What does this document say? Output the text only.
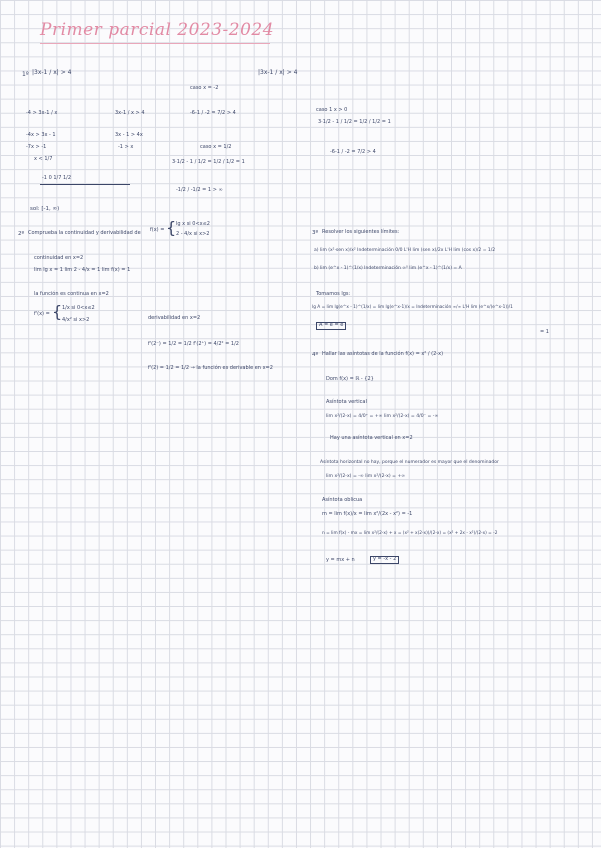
Primer parcial 2023-2024
1º |3x-1 / x| > 4
caso x = -2
|3x-1 / x| > 4
caso 1 x > 0
-4 > 3x-1 / x	3x-1 / x > 4
-4x > 3x - 1	3x - 1 > 4x
-7x > -1	-1 > x
x < 1/7
-1 0 1/7 1/2
sol: [-1, ∞)
-6-1 / -2 = 7/2 > 4
caso x = 1/2
3·1/2 - 1 / 1/2 = 1/2 / 1/2 = 1
-1/2 / -1/2 = 1 > ∞
3·1/2 - 1 / 1/2 = 1/2 / 1/2 = 1
-6-1 / -2 = 7/2 > 4
2º Comprueba la continuidad y derivabilidad de f(x) = { lg x si 0<x≤2
2 - 4/x si x>2
continuidad en x=2
lim lg x = 1 lim 2 - 4/x = 1 lim f(x) = 1
la función es continua en x=2
f'(x) = { 1/x si 0<x≤2
4/x² si x>2	derivabilidad en x=2
f'(2⁻) = 1/2 = 1/2 f'(2⁺) = 4/2² = 1/2
f'(2) = 1/2 = 1/2 → la función es derivable en x=2
3º Resolver los siguientes límites:
a) lim (x²·sen x)/x² Indeterminación 0/0 L'H lim (sen x)/2x L'H lim (cos x)/2 = 1/2
b) lim (e^x - 1)^(1/x) Indeterminación ∞⁰ lim (e^x - 1)^(1/x) = A
Tomamos lgs:
lg A = lim lg(e^x - 1)^(1/x) = lim lg(e^x-1)/x = Indeterminación ∞/∞ L'H lim (e^x/(e^x-1))/1
A = e = e
= 1
4º Hallar las asíntotas de la función f(x) = x² / (2-x)
Dom f(x) = ℝ - {2}
Asíntota vertical
lim x²/(2-x) = 4/0⁺ = +∞ lim x²/(2-x) = 4/0⁻ = -∞
Hay una asíntota vertical en x=2
Asíntota horizontal no hay, porque el numerador es mayor que el denominador
lim x²/(2-x) = -∞ lim x²/(2-x) = +∞
Asíntota oblicua
m = lim f(x)/x = lim x²/(2x - x²) = -1
n = lim f(x) - mx = lim x²/(2-x) + x = (x² + x(2-x))/(2-x) = (x² + 2x - x²)/(2-x) = -2
y = mx + n	y = -x - 2
